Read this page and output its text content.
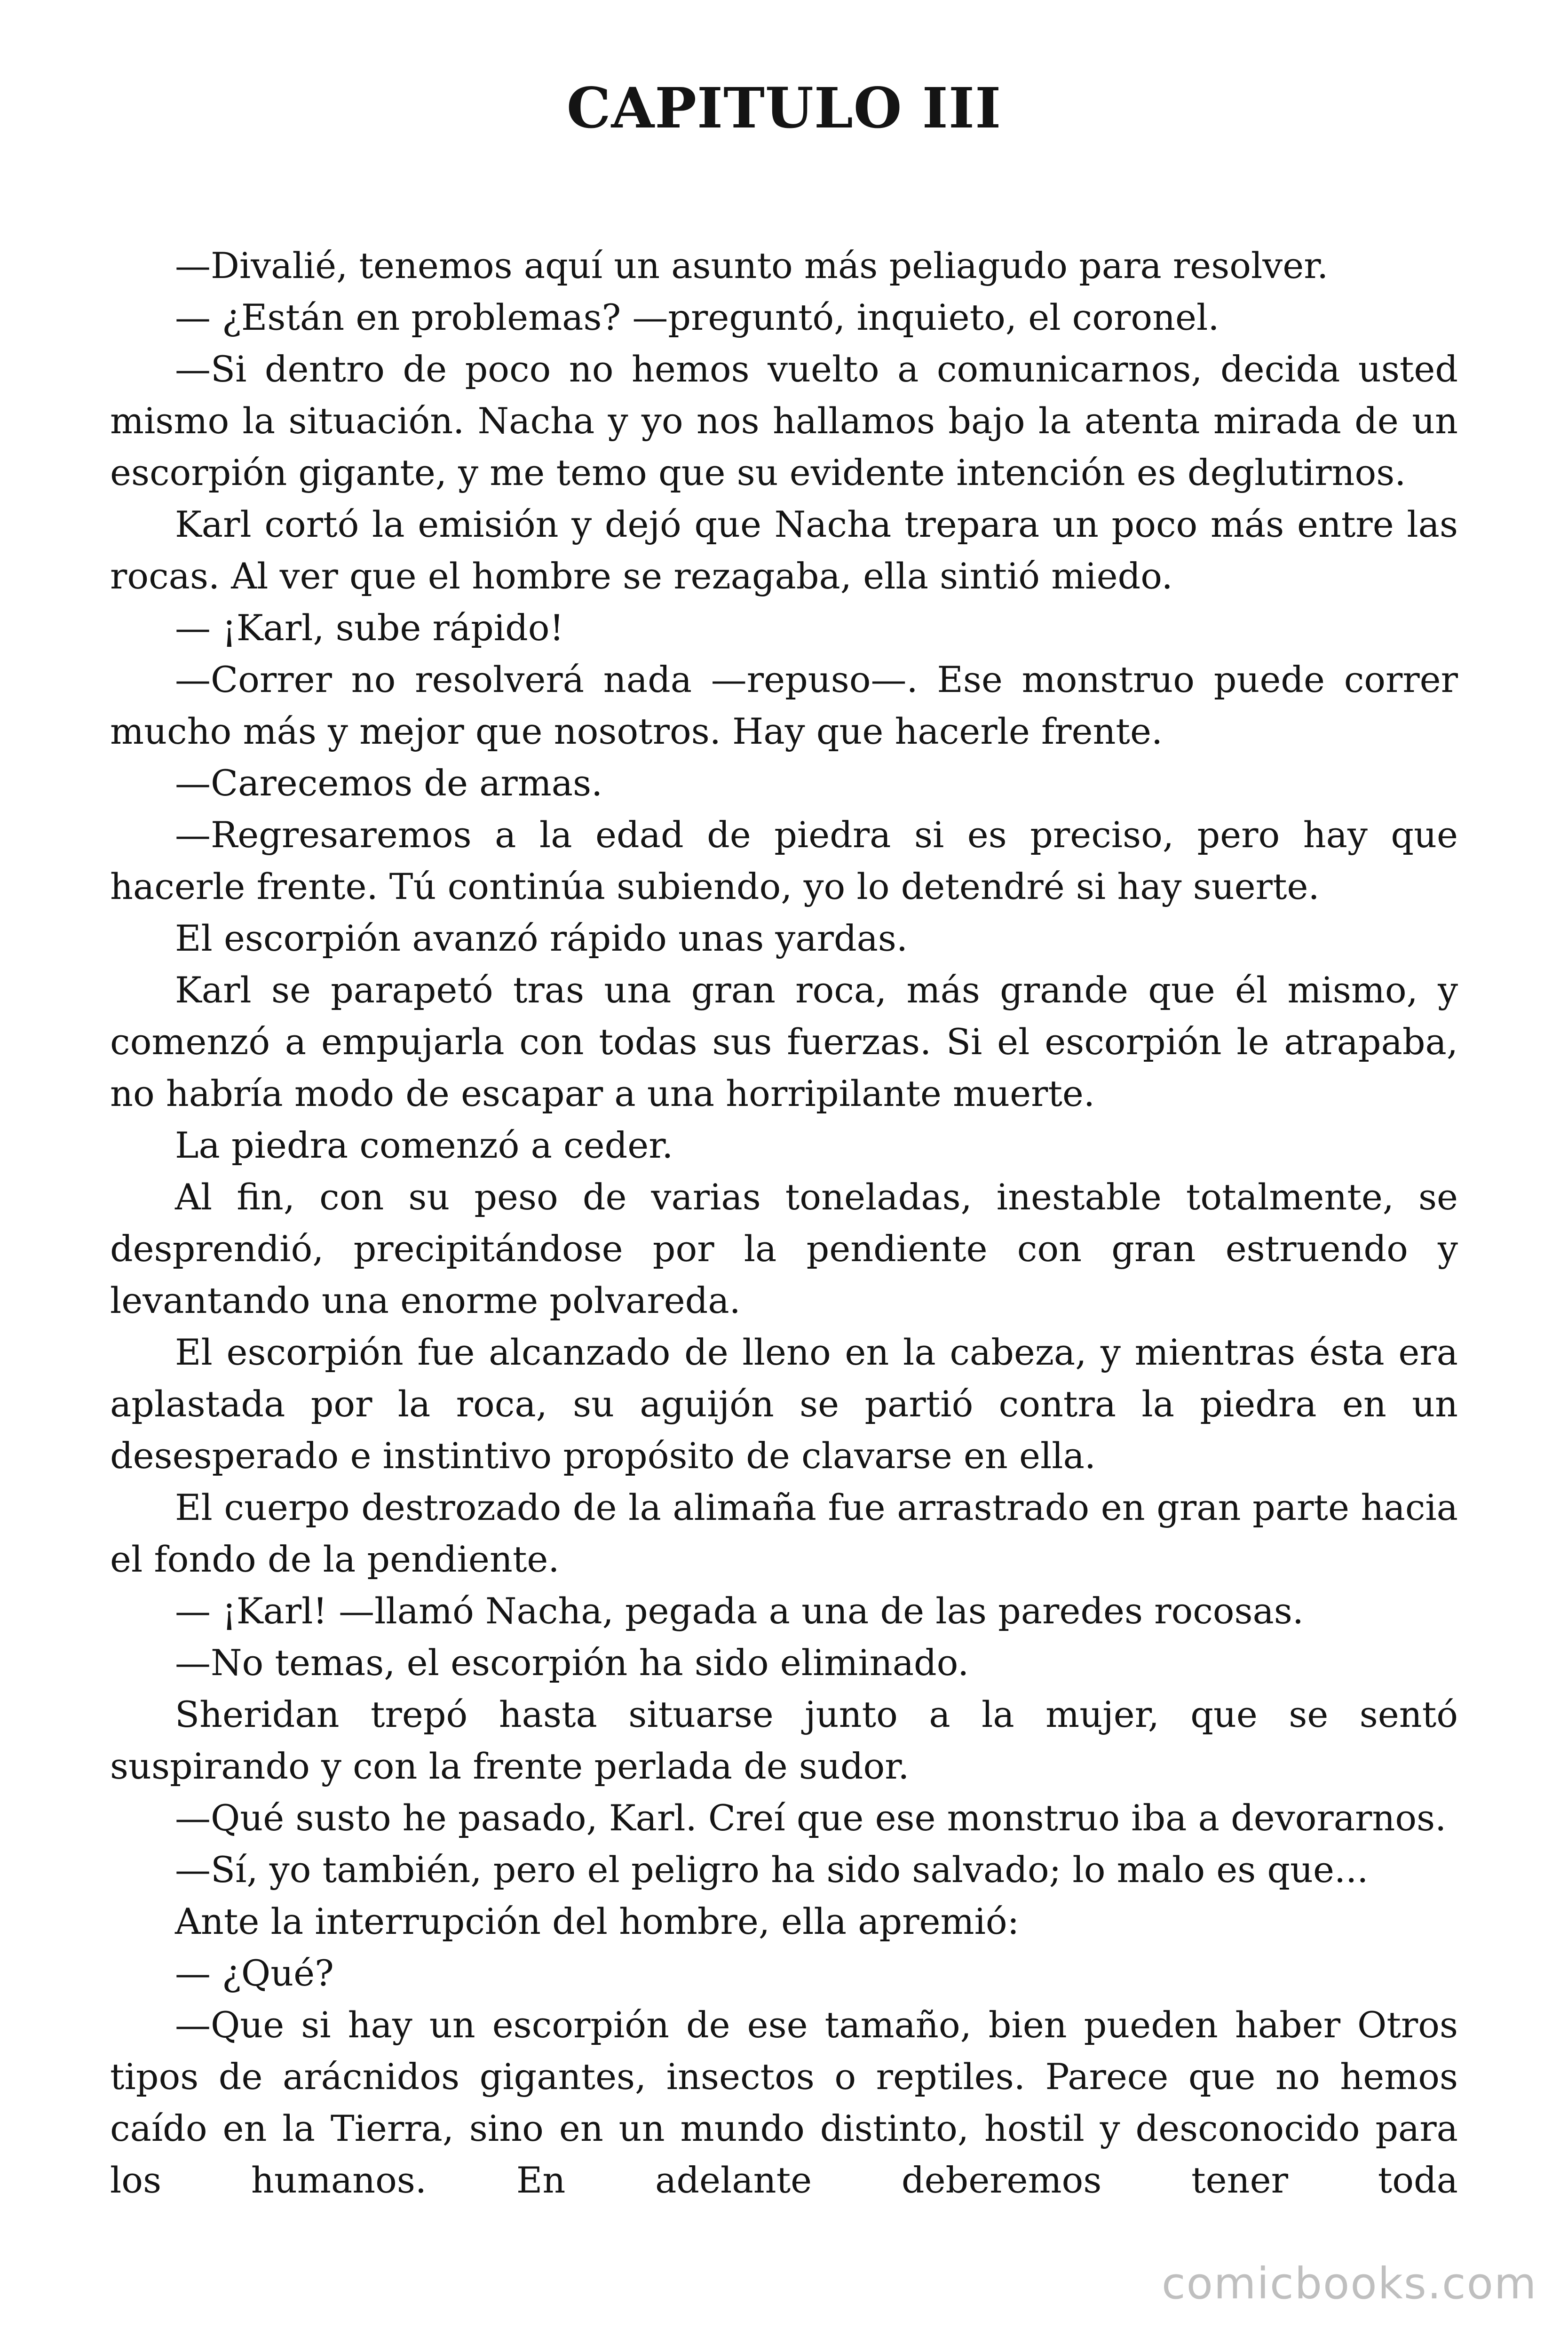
CAPITULO III

—Divalié, tenemos aquí un asunto más peliagudo para resolver.

— ¿Están en problemas? —preguntó, inquieto, el coronel.

—Si dentro de poco no hemos vuelto a comunicarnos, decida usted mismo la situación. Nacha y yo nos hallamos bajo la atenta mirada de un escorpión gigante, y me temo que su evidente intención es deglutirnos.

Karl cortó la emisión y dejó que Nacha trepara un poco más entre las rocas. Al ver que el hombre se rezagaba, ella sintió miedo.

— ¡Karl, sube rápido!

—Correr no resolverá nada —repuso—. Ese monstruo puede correr mucho más y mejor que nosotros. Hay que hacerle frente.

—Carecemos de armas.

—Regresaremos a la edad de piedra si es preciso, pero hay que hacerle frente. Tú continúa subiendo, yo lo detendré si hay suerte.

El escorpión avanzó rápido unas yardas.

Karl se parapetó tras una gran roca, más grande que él mismo, y comenzó a empujarla con todas sus fuerzas. Si el escorpión le atrapaba, no habría modo de escapar a una horripilante muerte.

La piedra comenzó a ceder.

Al fin, con su peso de varias toneladas, inestable totalmente, se desprendió, precipitándose por la pendiente con gran estruendo y levantando una enorme polvareda.

El escorpión fue alcanzado de lleno en la cabeza, y mientras ésta era aplastada por la roca, su aguijón se partió contra la piedra en un desesperado e instintivo propósito de clavarse en ella.

El cuerpo destrozado de la alimaña fue arrastrado en gran parte hacia el fondo de la pendiente.

— ¡Karl! —llamó Nacha, pegada a una de las paredes rocosas.

—No temas, el escorpión ha sido eliminado.

Sheridan trepó hasta situarse junto a la mujer, que se sentó suspirando y con la frente perlada de sudor.

—Qué susto he pasado, Karl. Creí que ese monstruo iba a devorarnos.

—Sí, yo también, pero el peligro ha sido salvado; lo malo es que...

Ante la interrupción del hombre, ella apremió:

— ¿Qué?

—Que si hay un escorpión de ese tamaño, bien pueden haber Otros tipos de arácnidos gigantes, insectos o reptiles. Parece que no hemos caído en la Tierra, sino en un mundo distinto, hostil y desconocido para los humanos. En adelante deberemos tener toda

comicbooks.com
